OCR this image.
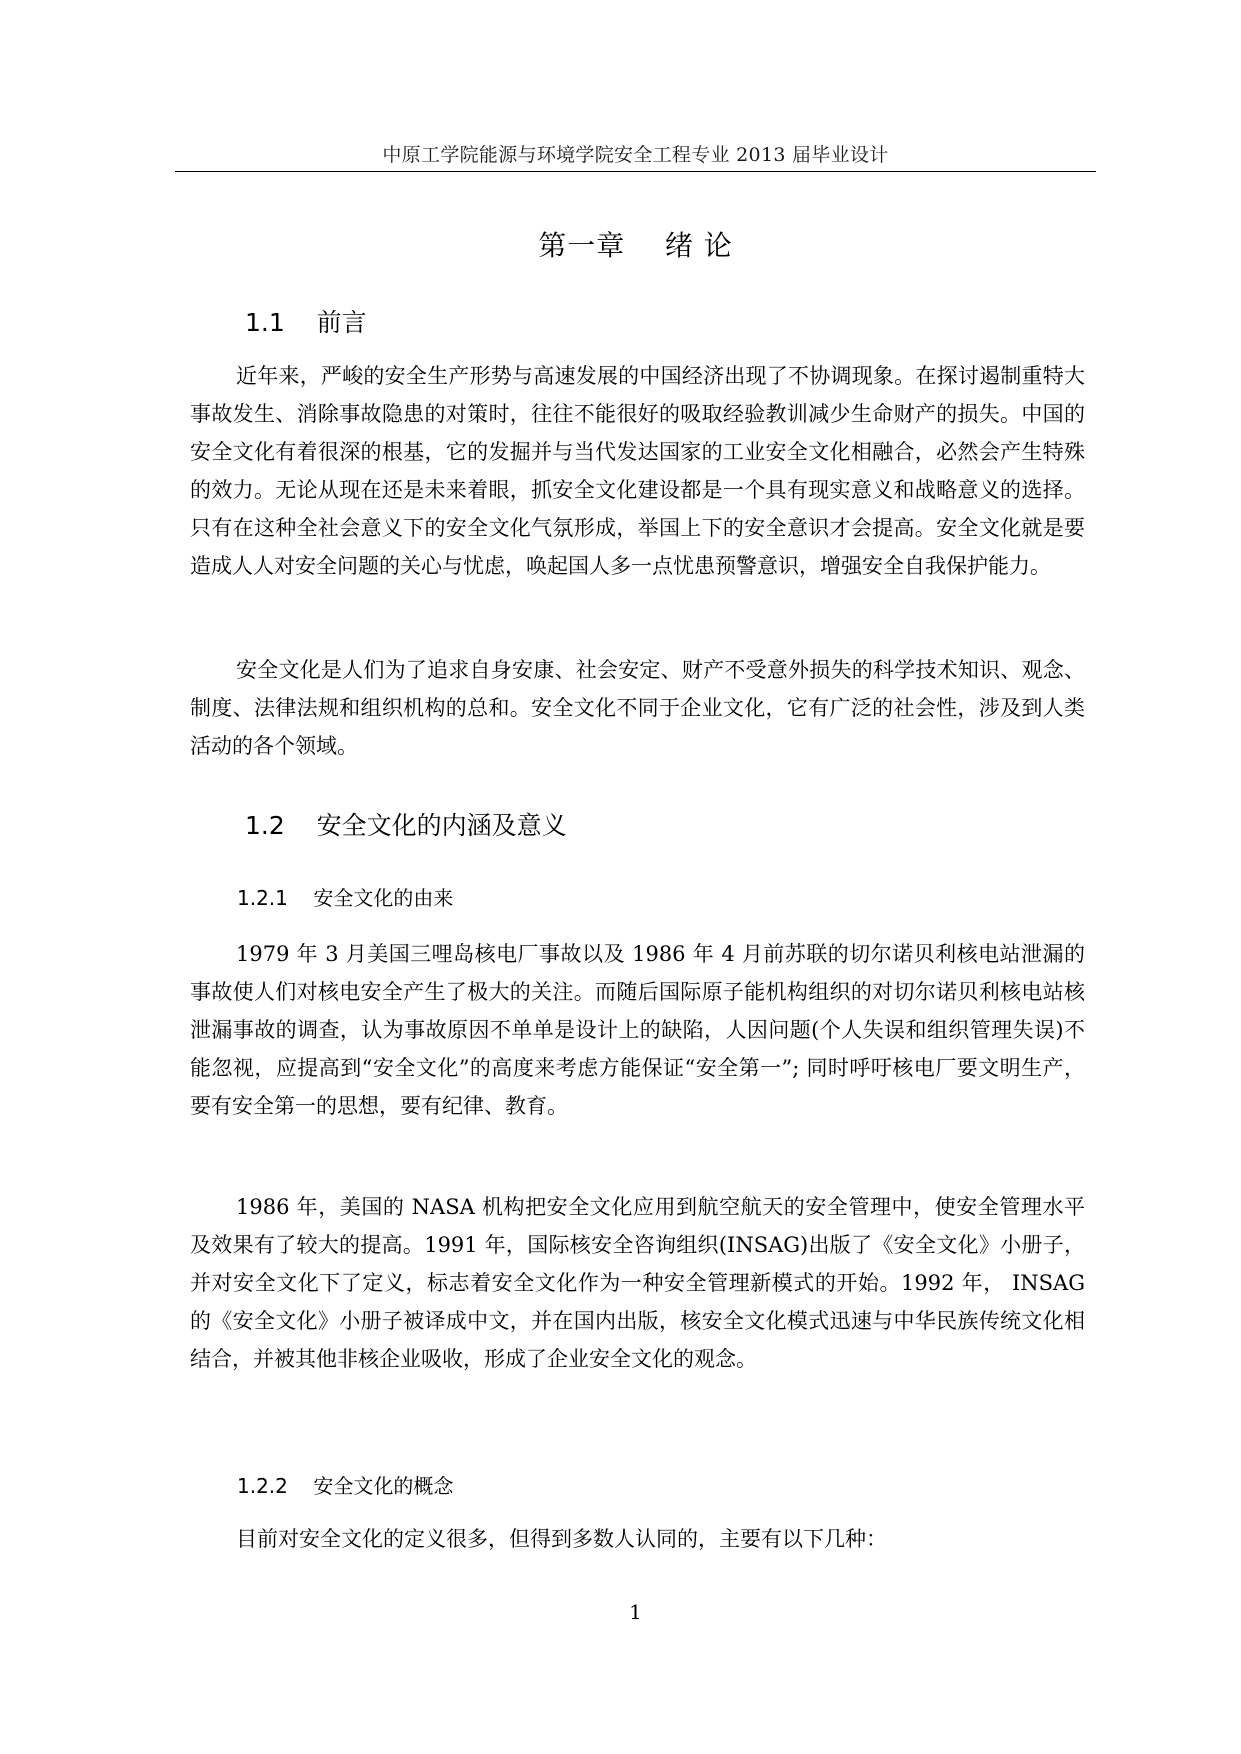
中原工学院能源与环境学院安全工程专业 2013 届毕业设计
第一章    绪 论
1.1 前言

近年来，严峻的安全生产形势与高速发展的中国经济出现了不协调现象。在探讨遏制重特大事故发生、消除事故隐患的对策时，往往不能很好的吸取经验教训减少生命财产的损失。中国的安全文化有着很深的根基，它的发掘并与当代发达国家的工业安全文化相融合，必然会产生特殊的效力。无论从现在还是未来着眼，抓安全文化建设都是一个具有现实意义和战略意义的选择。只有在这种全社会意义下的安全文化气氛形成，举国上下的安全意识才会提高。安全文化就是要造成人人对安全问题的关心与忧虑，唤起国人多一点忧患预警意识，增强安全自我保护能力。

安全文化是人们为了追求自身安康、社会安定、财产不受意外损失的科学技术知识、观念、制度、法律法规和组织机构的总和。安全文化不同于企业文化，它有广泛的社会性，涉及到人类活动的各个领域。

1.2 安全文化的内涵及意义
1.2.1 安全文化的由来

1979 年 3 月美国三哩岛核电厂事故以及 1986 年 4 月前苏联的切尔诺贝利核电站泄漏的事故使人们对核电安全产生了极大的关注。而随后国际原子能机构组织的对切尔诺贝利核电站核泄漏事故的调查，认为事故原因不单单是设计上的缺陷，人因问题(个人失误和组织管理失误)不能忽视，应提高到“安全文化”的高度来考虑方能保证“安全第一”; 同时呼吁核电厂要文明生产，要有安全第一的思想，要有纪律、教育。

1986 年，美国的 NASA 机构把安全文化应用到航空航天的安全管理中，使安全管理水平及效果有了较大的提高。1991 年，国际核安全咨询组织(INSAG)出版了《安全文化》小册子，并对安全文化下了定义，标志着安全文化作为一种安全管理新模式的开始。1992 年， INSAG 的《安全文化》小册子被译成中文，并在国内出版，核安全文化模式迅速与中华民族传统文化相结合，并被其他非核企业吸收，形成了企业安全文化的观念。

1.2.2 安全文化的概念

目前对安全文化的定义很多，但得到多数人认同的，主要有以下几种：

1
